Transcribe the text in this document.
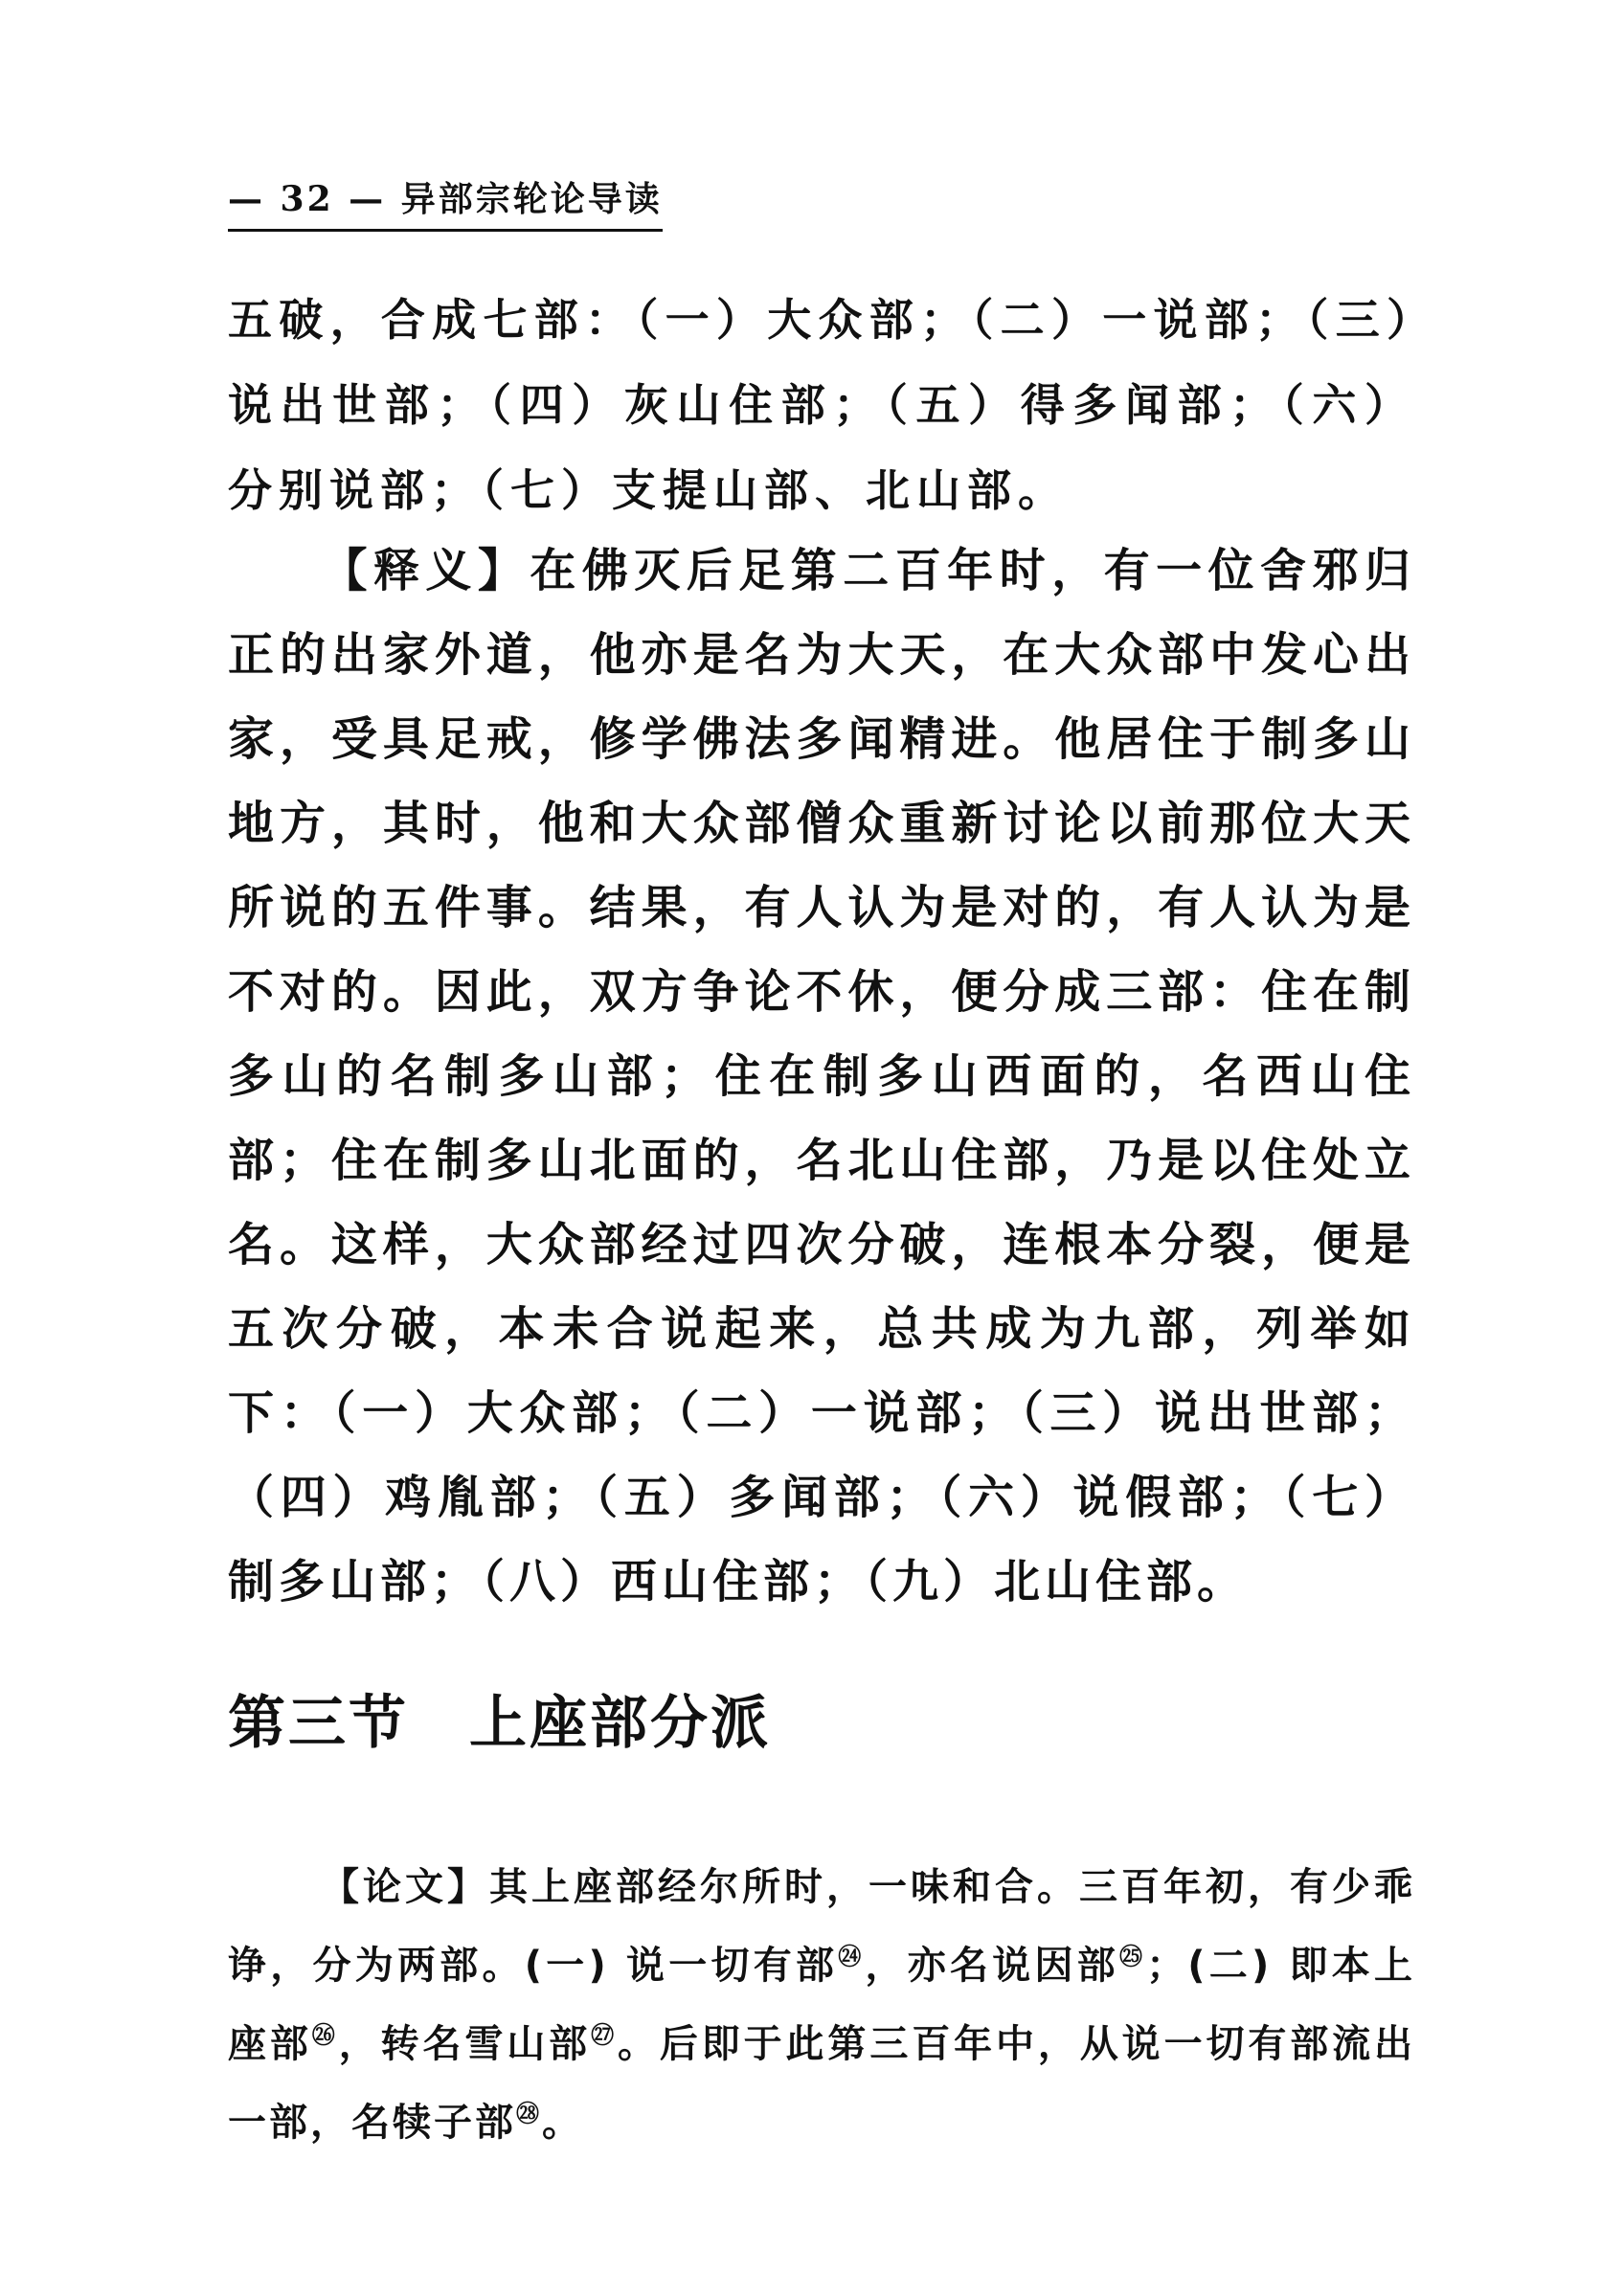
— 32 — 异部宗轮论导读
五破，合成七部：（一）大众部；（二）一说部；（三）说出世部；（四）灰山住部；（五）得多闻部；（六）分别说部；（七）支提山部、北山部。
【释义】在佛灭后足第二百年时，有一位舍邪归正的出家外道，他亦是名为大天，在大众部中发心出家，受具足戒，修学佛法多闻精进。他居住于制多山地方，其时，他和大众部僧众重新讨论以前那位大天所说的五件事。结果，有人认为是对的，有人认为是不对的。因此，双方争论不休，便分成三部：住在制多山的名制多山部；住在制多山西面的，名西山住部；住在制多山北面的，名北山住部，乃是以住处立名。这样，大众部经过四次分破，连根本分裂，便是五次分破，本未合说起来，总共成为九部，列举如下：（一）大众部；（二）一说部；（三）说出世部；（四）鸡胤部；（五）多闻部；（六）说假部；（七）制多山部；（八）西山住部；（九）北山住部。
第三节　上座部分派
【论文】其上座部经尔所时，一味和合。三百年初，有少乖诤，分为两部。(一) 说一切有部$^㉔$，亦名说因部$^㉕$；(二) 即本上座部$^㉖$，转名雪山部$^㉗$。后即于此第三百年中，从说一切有部流出一部，名犊子部$^㉘$。
